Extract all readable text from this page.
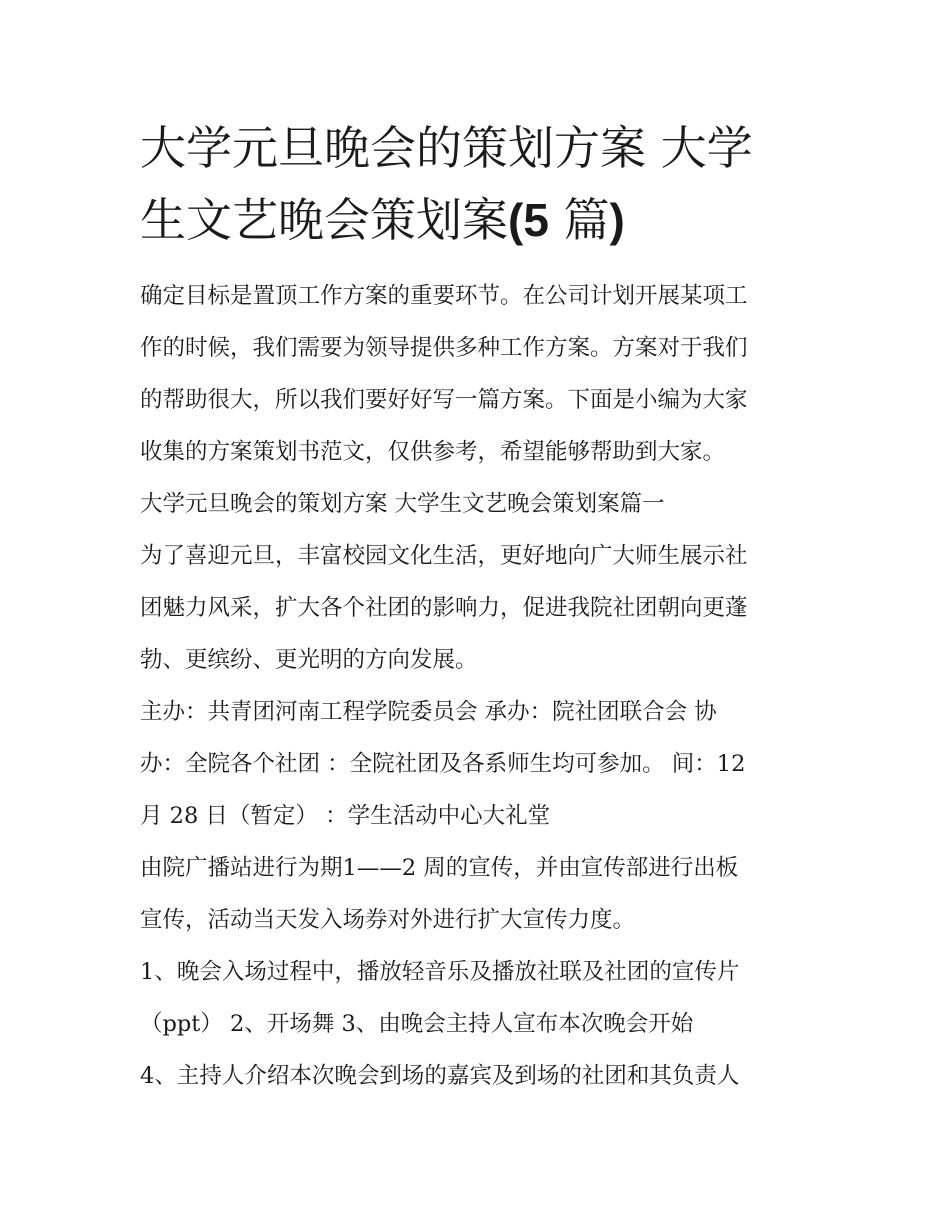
大学元旦晚会的策划方案 大学
生文艺晚会策划案(5 篇)
确定目标是置顶工作方案的重要环节。在公司计划开展某项工
作的时候，我们需要为领导提供多种工作方案。方案对于我们
的帮助很大，所以我们要好好写一篇方案。下面是小编为大家
收集的方案策划书范文，仅供参考，希望能够帮助到大家。
大学元旦晚会的策划方案 大学生文艺晚会策划案篇一
为了喜迎元旦，丰富校园文化生活，更好地向广大师生展示社
团魅力风采，扩大各个社团的影响力，促进我院社团朝向更蓬
勃、更缤纷、更光明的方向发展。
主办：共青团河南工程学院委员会 承办：院社团联合会 协
办：全院各个社团 ：全院社团及各系师生均可参加。 间：12
月 28 日（暂定） ：学生活动中心大礼堂
由院广播站进行为期1——2 周的宣传，并由宣传部进行出板
宣传，活动当天发入场券对外进行扩大宣传力度。
1、晚会入场过程中，播放轻音乐及播放社联及社团的宣传片
（ppt） 2、开场舞 3、由晚会主持人宣布本次晚会开始
4、主持人介绍本次晚会到场的嘉宾及到场的社团和其负责人
